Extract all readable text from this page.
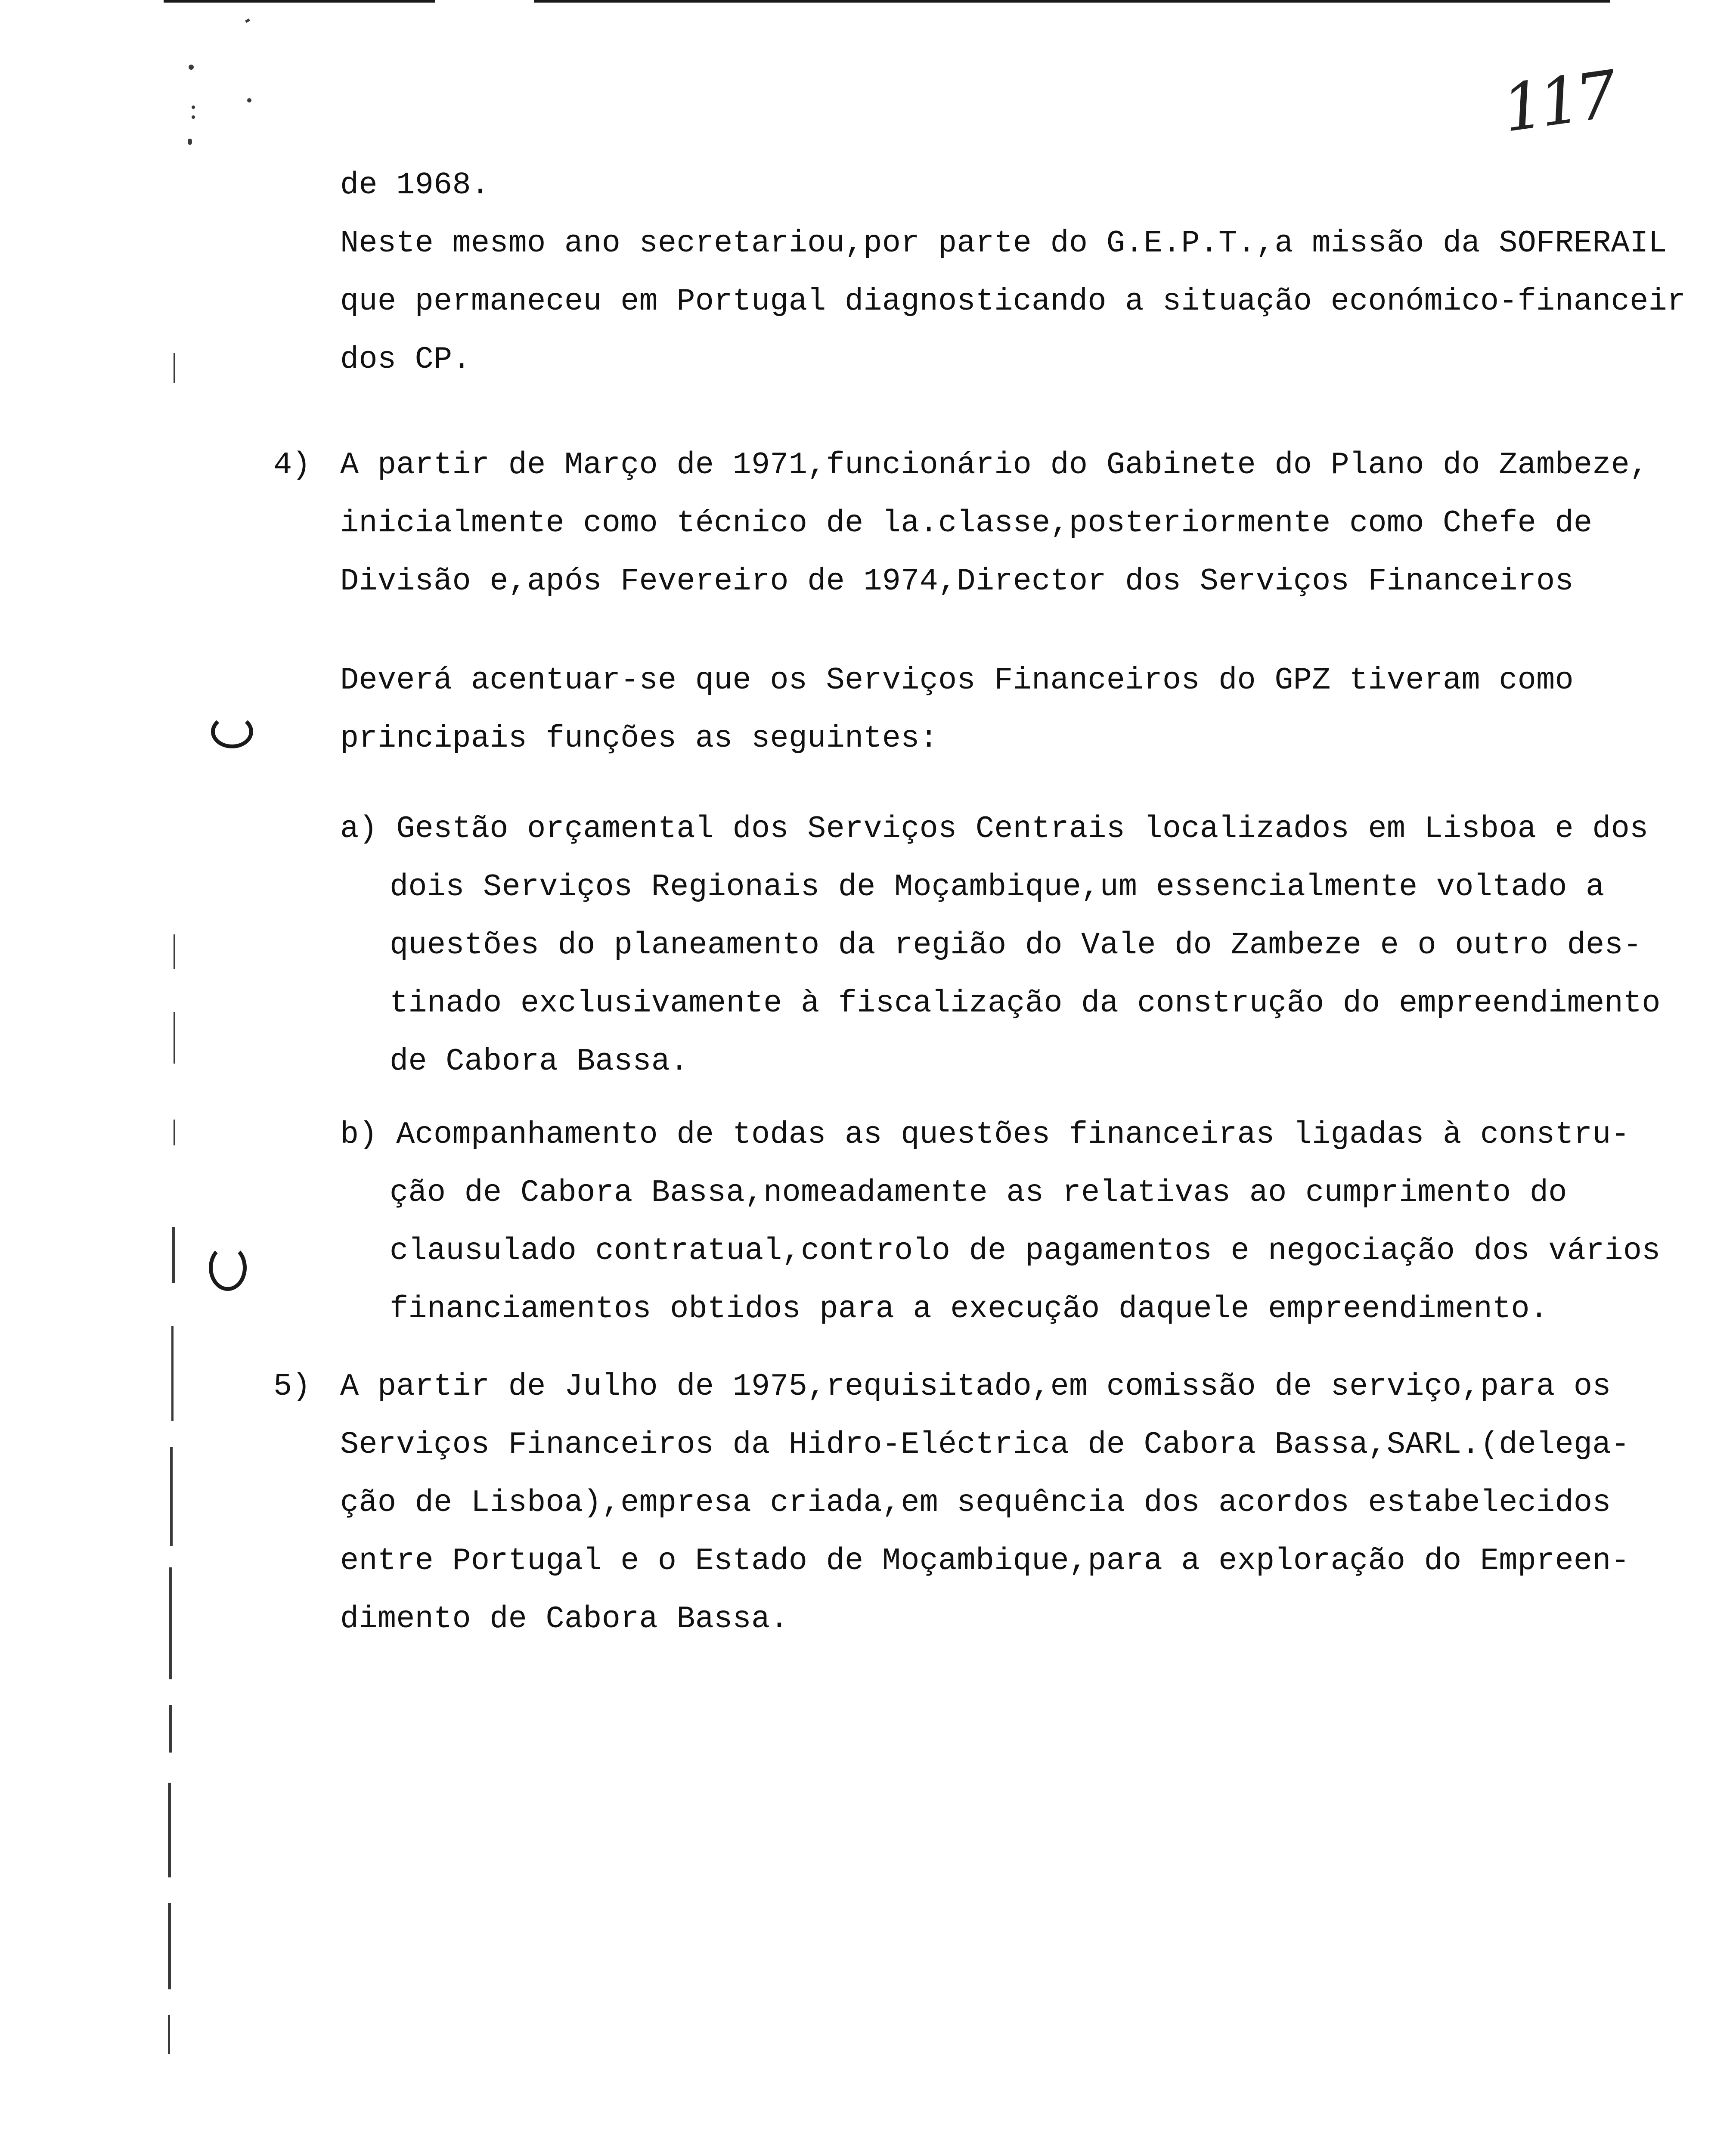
117
de 1968.
Neste mesmo ano secretariou,por parte do G.E.P.T.,a missão da SOFRERAIL
que permaneceu em Portugal diagnosticando a situação económico-financeir
dos CP.
4) A partir de Março de 1971,funcionário do Gabinete do Plano do Zambeze,
inicialmente como técnico de la.classe,posteriormente como Chefe de
Divisão e,após Fevereiro de 1974,Director dos Serviços Financeiros
Deverá acentuar-se que os Serviços Financeiros do GPZ tiveram como
principais funções as seguintes:
a) Gestão orçamental dos Serviços Centrais localizados em Lisboa e dos
dois Serviços Regionais de Moçambique,um essencialmente voltado a
questões do planeamento da região do Vale do Zambeze e o outro des-
tinado exclusivamente à fiscalização da construção do empreendimento
de Cabora Bassa.
b) Acompanhamento de todas as questões financeiras ligadas à constru-
ção de Cabora Bassa,nomeadamente as relativas ao cumprimento do
clausulado contratual,controlo de pagamentos e negociação dos vários
financiamentos obtidos para a execução daquele empreendimento.
5) A partir de Julho de 1975,requisitado,em comissão de serviço,para os
Serviços Financeiros da Hidro-Eléctrica de Cabora Bassa,SARL.(delega-
ção de Lisboa),empresa criada,em sequência dos acordos estabelecidos
entre Portugal e o Estado de Moçambique,para a exploração do Empreen-
dimento de Cabora Bassa.
